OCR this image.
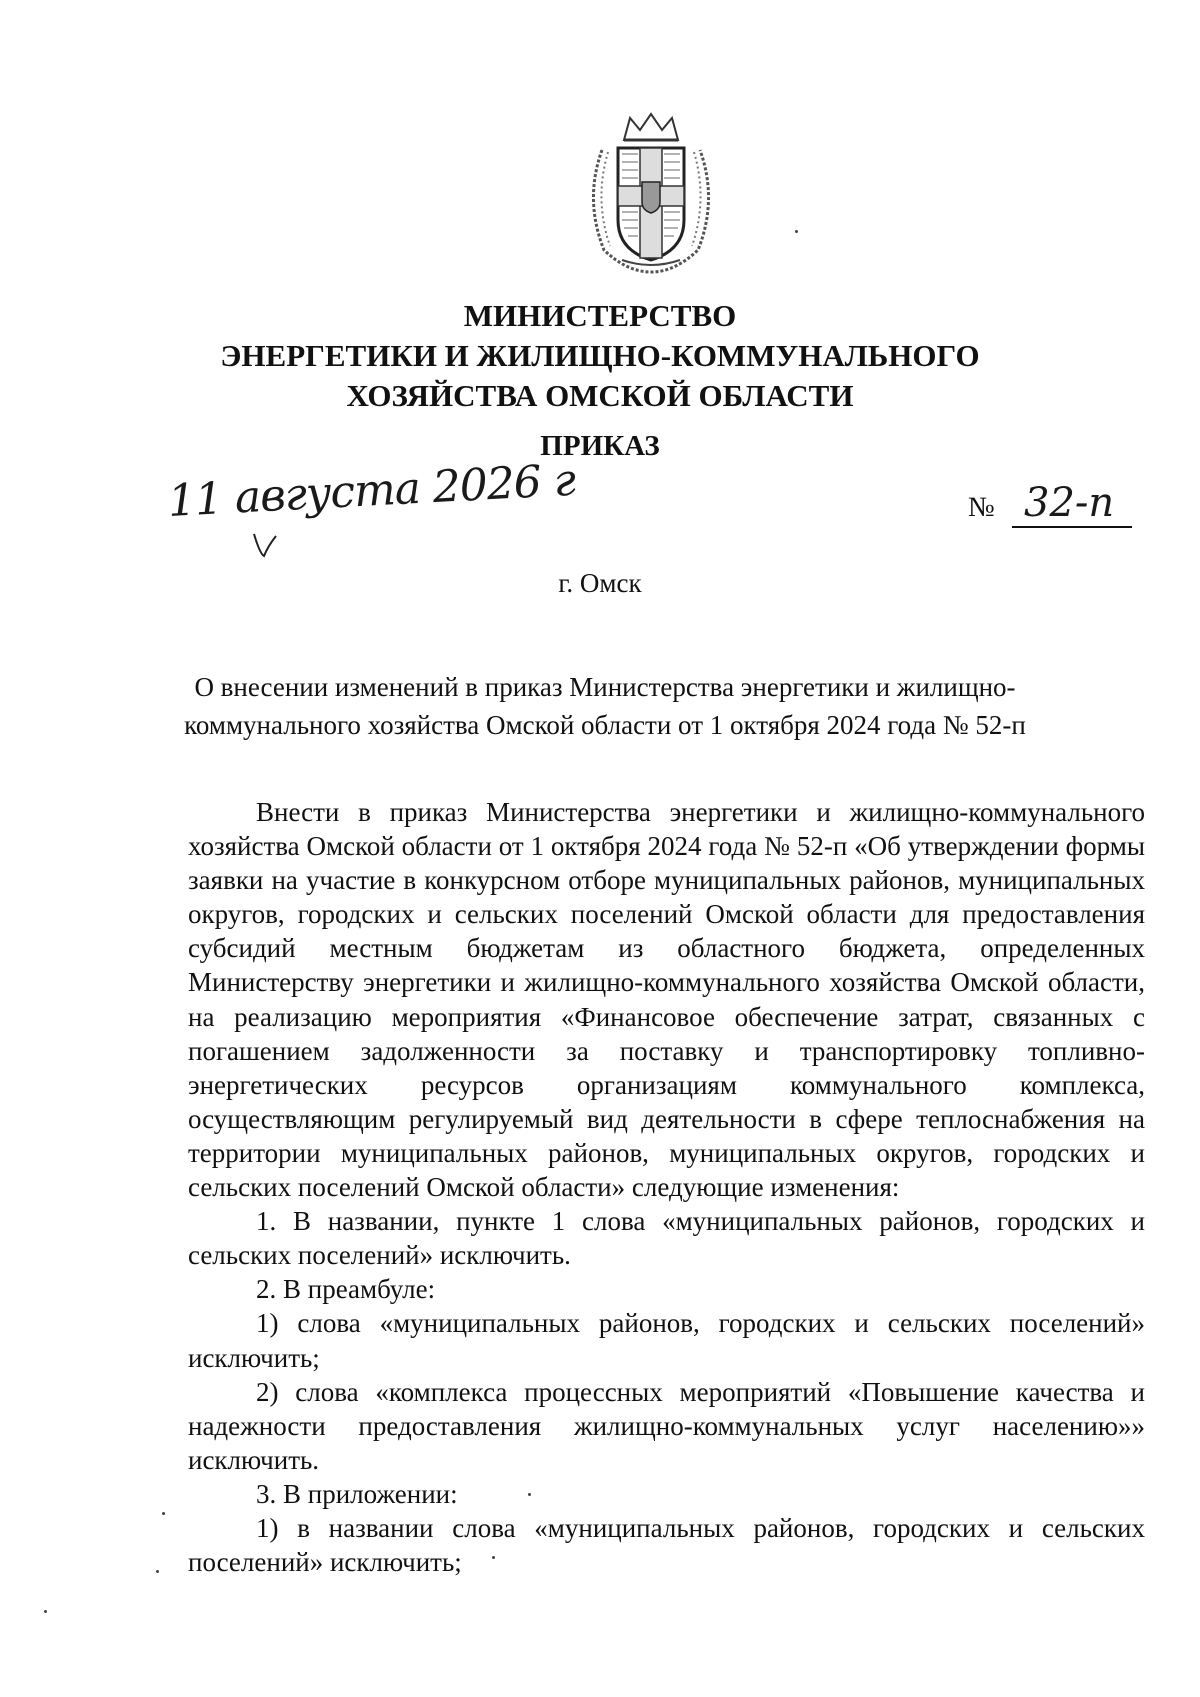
МИНИСТЕРСТВО
ЭНЕРГЕТИКИ И ЖИЛИЩНО-КОММУНАЛЬНОГО
ХОЗЯЙСТВА ОМСКОЙ ОБЛАСТИ
ПРИКАЗ
11 августа 2026 г	№ 32-п
г. Омск
О внесении изменений в приказ Министерства энергетики и жилищно-
коммунального хозяйства Омской области от 1 октября 2024 года № 52-п

Внести в приказ Министерства энергетики и жилищно-коммунального хозяйства Омской области от 1 октября 2024 года № 52-п «Об утверждении формы заявки на участие в конкурсном отборе муниципальных районов, муниципальных округов, городских и сельских поселений Омской области для предоставления субсидий местным бюджетам из областного бюджета, определенных Министерству энергетики и жилищно-коммунального хозяйства Омской области, на реализацию мероприятия «Финансовое обеспечение затрат, связанных с погашением задолженности за поставку и транспортировку топливно-энергетических ресурсов организациям коммунального комплекса, осуществляющим регулируемый вид деятельности в сфере теплоснабжения на территории муниципальных районов, муниципальных округов, городских и сельских поселений Омской области» следующие изменения:

1. В названии, пункте 1 слова «муниципальных районов, городских и сельских поселений» исключить.

2. В преамбуле:

1) слова «муниципальных районов, городских и сельских поселений» исключить;

2) слова «комплекса процессных мероприятий «Повышение качества и надежности предоставления жилищно-коммунальных услуг населению»» исключить.

3. В приложении:

1) в названии слова «муниципальных районов, городских и сельских поселений» исключить;
